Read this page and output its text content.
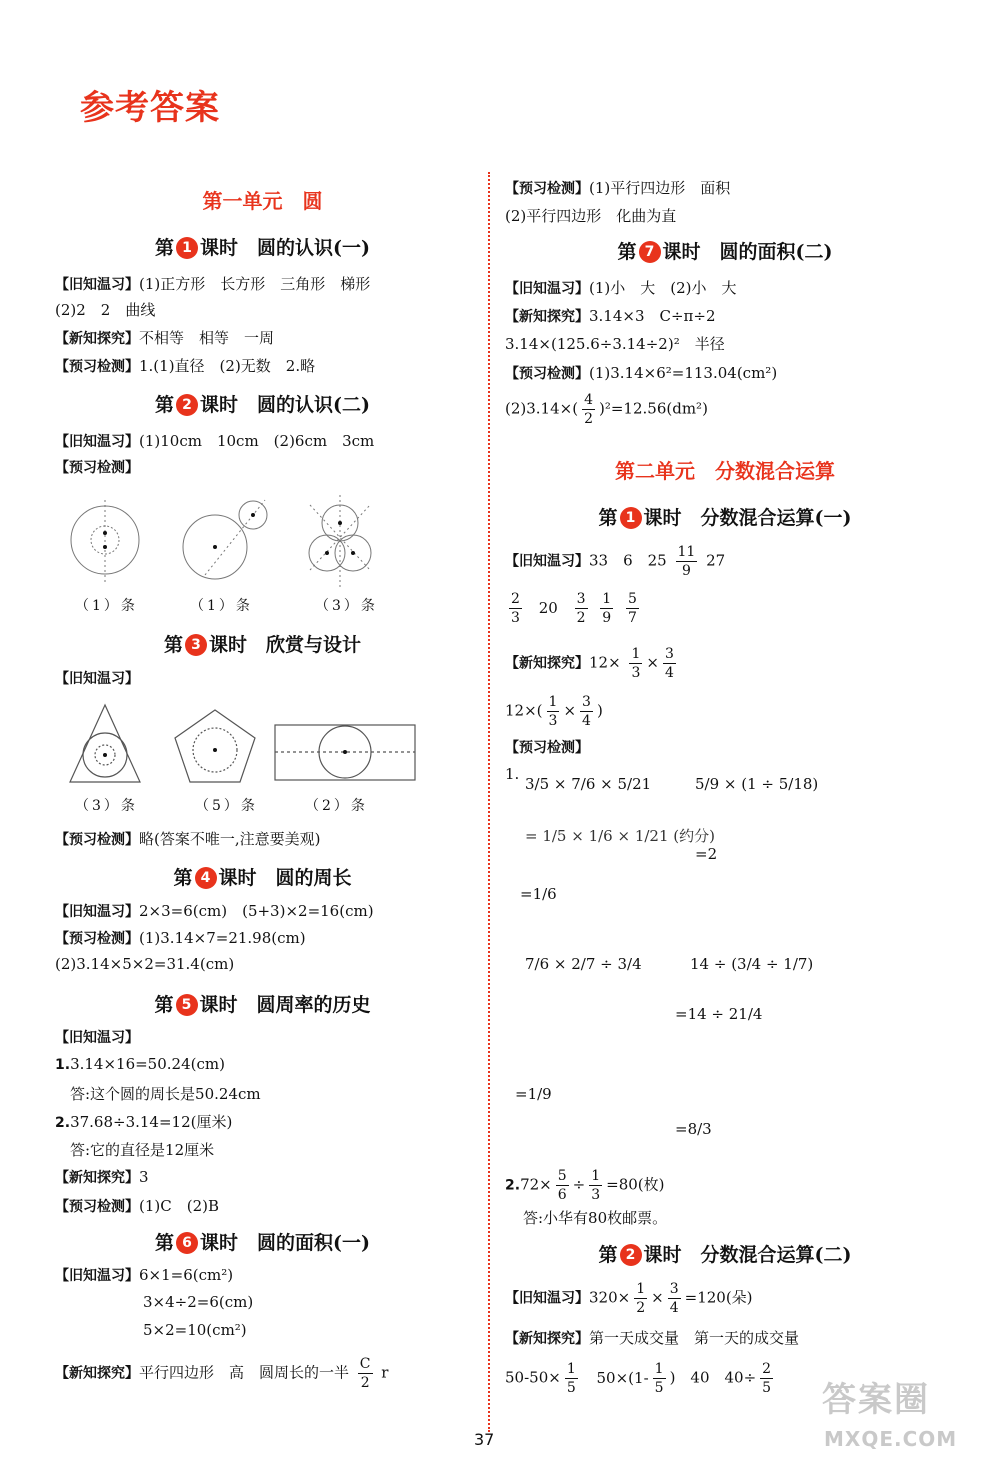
参考答案
第一单元　圆
第 1 课时　圆的认识(一)
【旧知温习】(1)正方形　长方形　三角形　梯形
(2)2　2　曲线
【新知探究】不相等　相等　一周
【预习检测】1.(1)直径　(2)无数　2.略
第 2 课时　圆的认识(二)
【旧知温习】(1)10cm　10cm　(2)6cm　3cm
【预习检测】
（1）条	（1）条	（3）条
第 3 课时　欣赏与设计
【旧知温习】
（3）条	（5）条	（2）条
【预习检测】略(答案不唯一,注意要美观)
第 4 课时　圆的周长
【旧知温习】2×3=6(cm)　(5+3)×2=16(cm)
【预习检测】(1)3.14×7=21.98(cm)
(2)3.14×5×2=31.4(cm)
第 5 课时　圆周率的历史
【旧知温习】
1.3.14×16=50.24(cm)
　答:这个圆的周长是50.24cm
2.37.68÷3.14=12(厘米)
　答:它的直径是12厘米
【新知探究】3
【预习检测】(1)C　(2)B
第 6 课时　圆的面积(一)
【旧知温习】6×1=6(cm²)
3×4÷2=6(cm)
5×2=10(cm²)
【新知探究】平行四边形　高　圆周长的一半 $\frac{C}{2}$ r
【预习检测】(1)平行四边形　面积
(2)平行四边形　化曲为直
第 7 课时　圆的面积(二)
【旧知温习】(1)小　大　(2)小　大
【新知探究】3.14×3　C÷π÷2
3.14×(125.6÷3.14÷2)²　半径
【预习检测】(1)3.14×6²=113.04(cm²)
$(2)3.14\times( \frac{4}{2} )^2=12.56(dm^2)$
第二单元　分数混合运算
第 1 课时　分数混合运算(一)
【旧知温习】33　6　$25 \frac{11}{9} 27$
$\frac{2}{3} 20 \frac{3}{2}$
$\frac{1}{9}$
$\frac{5}{7}$
【新知探究】$12\times \frac{1}{3} \times \frac{3}{4}$
$12\times( \frac{1}{3} \times \frac{3}{4}$ )
【预习检测】
1.
3/5 × 7/6 × 5/21
= 1/5 × 1/6 × 1/21 (约分)
=1/6
5/9 × (1 ÷ 5/18)
=2
7/6 × 2/7 ÷ 3/4
=1/9
14 ÷ (3/4 ÷ 1/7)
=14 ÷ 21/4
=8/3
$2.72\times \frac{5}{6} \div \frac{1}{3} =80$(枚)
答:小华有80枚邮票。
第 2 课时　分数混合运算(二)
【旧知温习】$320\times \frac{1}{2} \times \frac{3}{4} =120$(朵)
【新知探究】第一天成交量　第一天的成交量
$50-50\times \frac{1}{5} 50\times(1- \frac{1}{5}$ )　40　$40\div \frac{2}{5}$
37
答案圈
MXQE.COM
